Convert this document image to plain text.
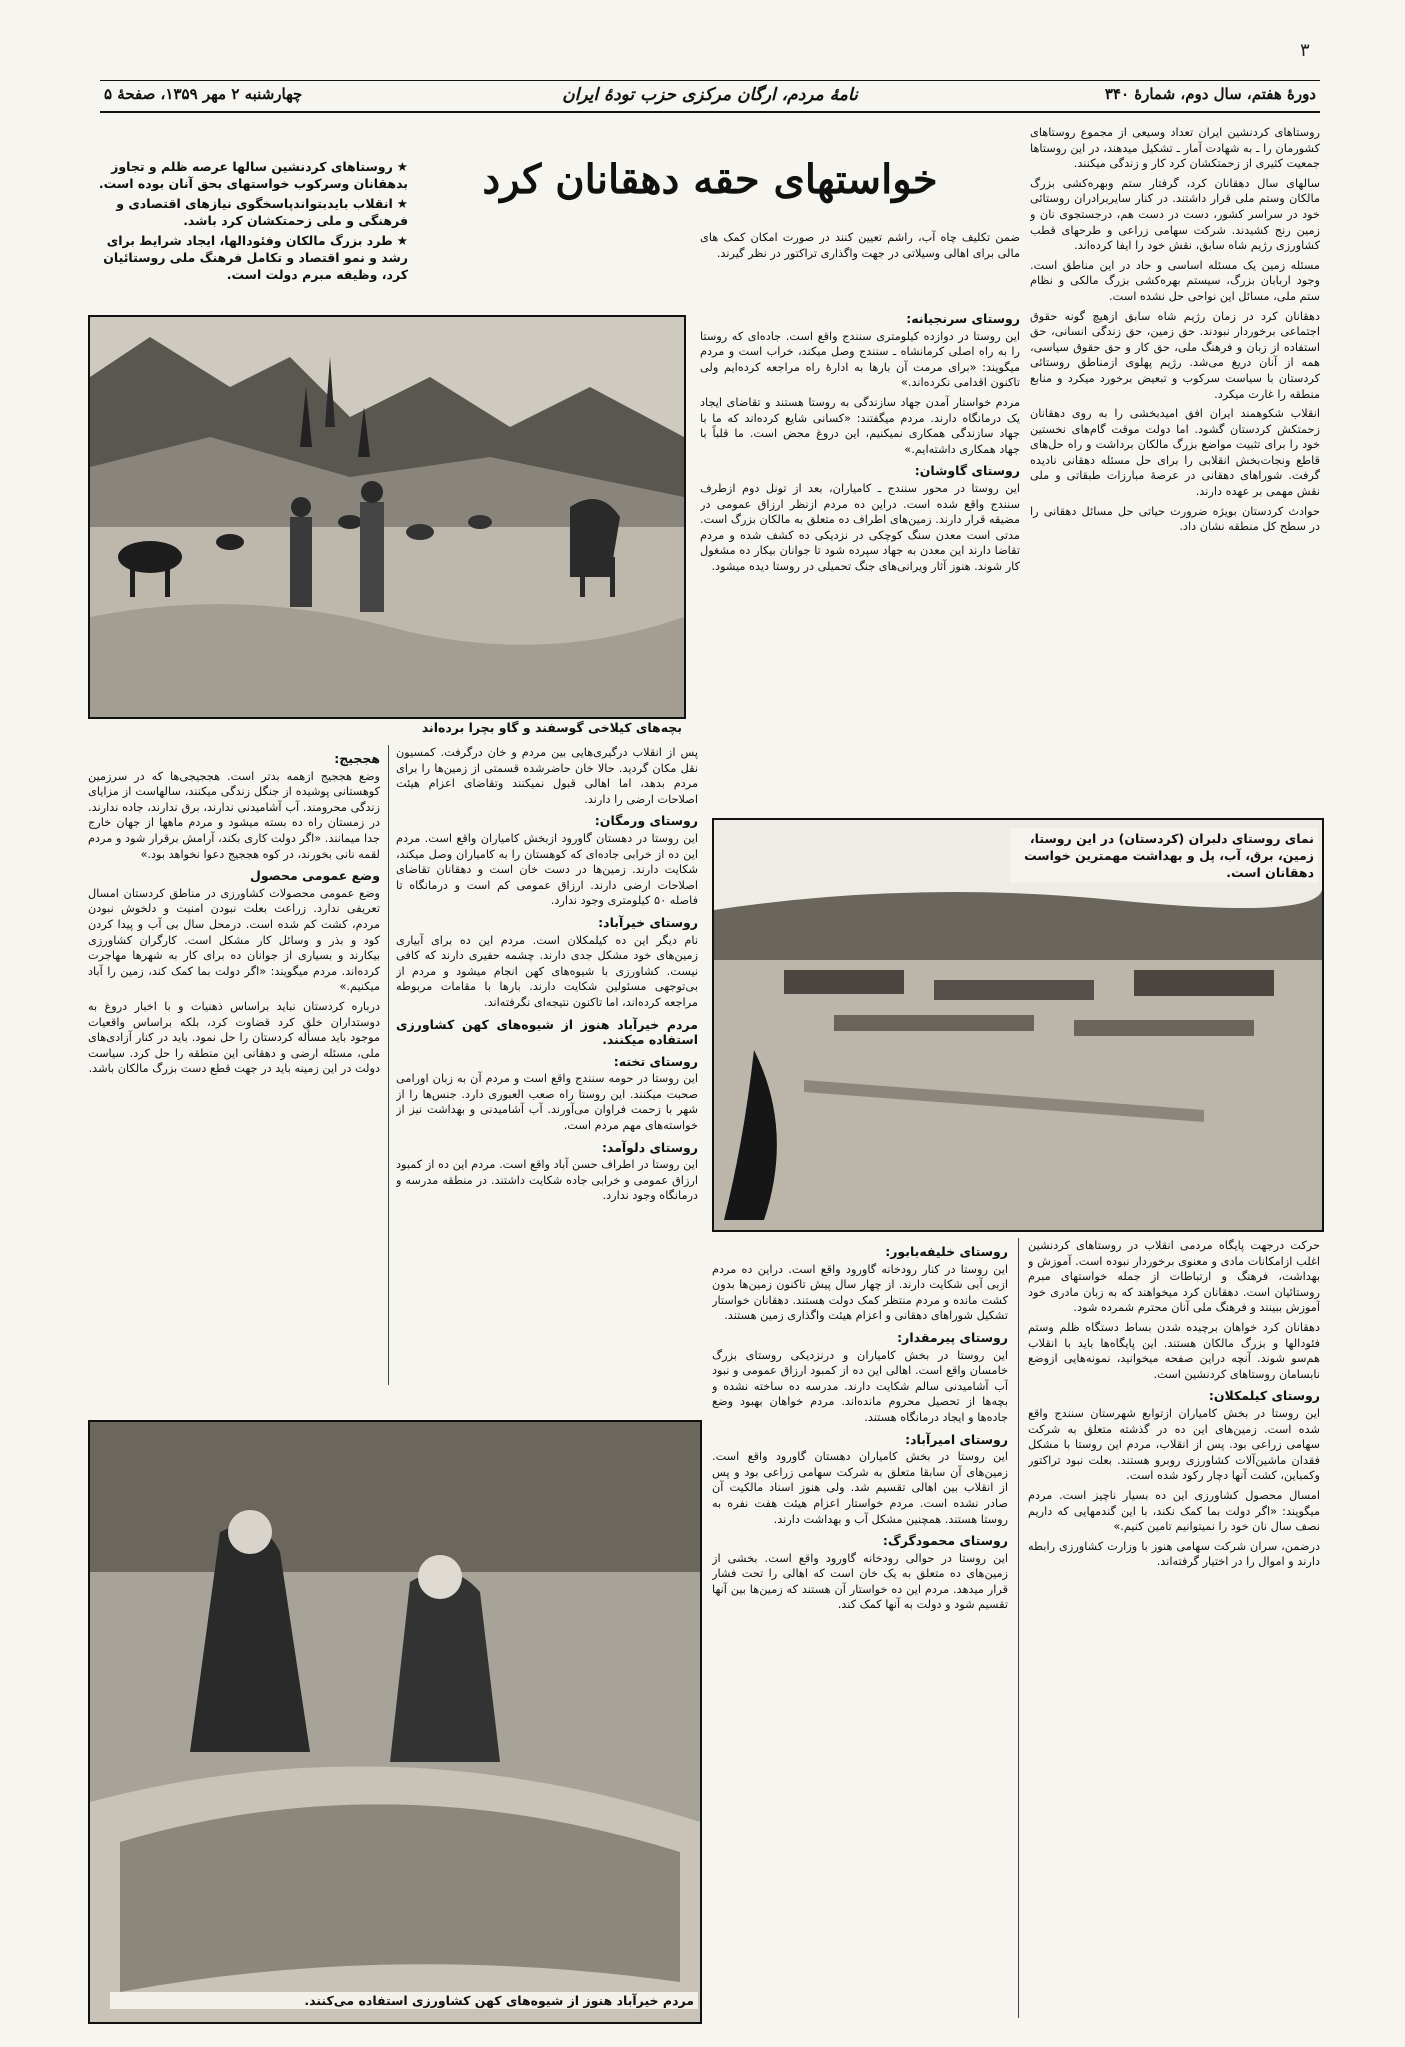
۳
دورهٔ هفتم، سال دوم، شمارهٔ ۳۴۰
نامهٔ مردم، ارگان مرکزی حزب تودهٔ ایران
چهارشنبه ۲ مهر ۱۳۵۹، صفحهٔ ۵

روستاهای کردنشین ایران تعداد وسیعی از مجموع روستاهای کشورمان را ـ به شهادت آمار ـ تشکیل میدهند، در این روستاها جمعیت کثیری از زحمتکشان کرد کار و زندگی میکنند.

سالهای سال دهقانان کرد، گرفتار ستم وبهره‌کشی بزرگ مالکان وستم ملی قرار داشتند. در کنار سایربرادران روستائی خود در سراسر کشور، دست در دست هم، درجستجوی نان و زمین رنج کشیدند. شرکت سهامی زراعی و طرحهای قطب کشاورزی رژیم شاه سابق، نقش خود را ایفا کرده‌اند.

مسئله زمین یک مسئله اساسی و حاد در این مناطق است. وجود اربابان بزرگ، سیستم بهره‌کشی بزرگ مالکی و نظام ستم ملی، مسائل این نواحی حل نشده است.

دهقانان کرد در زمان رژیم شاه سابق ازهیچ گونه حقوق اجتماعی برخوردار نبودند. حق زمین، حق زندگی انسانی، حق استفاده از زبان و فرهنگ ملی، حق کار و حق حقوق سیاسی، همه از آنان دریغ می‌شد. رژیم پهلوی ازمناطق روستائی کردستان با سیاست سرکوب و تبعیض برخورد میکرد و منابع منطقه را غارت میکرد.

انقلاب شکوهمند ایران افق امیدبخشی را به روی دهقانان زحمتکش کردستان گشود. اما دولت موقت گام‌های نخستین خود را برای تثبیت مواضع بزرگ مالکان برداشت و راه حل‌های قاطع ونجات‌بخش انقلابی را برای حل مسئله دهقانی نادیده گرفت. شوراهای دهقانی در عرصهٔ مبارزات طبقاتی و ملی نقش مهمی بر عهده دارند.

حوادث کردستان بویژه ضرورت حیاتی حل مسائل دهقانی را در سطح کل منطقه نشان داد.

خواستهای حقه دهقانان کرد
★روستاهای کردنشین سالها عرصه ظلم و تجاوز بدهقانان وسرکوب خواستهای بحق آنان بوده است.
★انقلاب بایدبتواندپاسخگوی نیازهای اقتصادی و فرهنگی و ملی زحمتکشان کرد باشد.
★طرد بزرگ مالکان وفئودالها، ایجاد شرایط برای رشد و نمو اقتصاد و تکامل فرهنگ ملی روستائیان کرد، وظیفه مبرم دولت است.

ضمن تکلیف چاه آب، راشم تعیین کنند در صورت امکان کمک های مالی برای اهالی وسیلاتی در جهت واگذاری تراکتور در نظر گیرند.

بچه‌های کیلاخی گوسفند و گاو بچرا برده‌اند
روستای سرنجیانه:

این روستا در دوازده کیلومتری سنندج واقع است. جاده‌ای که روستا را به راه اصلی کرمانشاه ـ سنندج وصل میکند، خراب است و مردم میگویند: «برای مرمت آن بارها به ادارهٔ راه مراجعه کرده‌ایم ولی تاکنون اقدامی نکرده‌اند.»

مردم خواستار آمدن جهاد سازندگی به روستا هستند و تقاضای ایجاد یک درمانگاه دارند. مردم میگفتند: «کسانی شایع کرده‌اند که ما با جهاد سازندگی همکاری نمیکنیم، این دروغ محض است. ما قلباً با جهاد همکاری داشته‌ایم.»

روستای گاوشان:

این روستا در محور سنندج ـ کامیاران، بعد از تونل دوم ازطرف سنندج واقع شده است. دراین ده مردم ازنظر ارزاق عمومی در مضیقه قرار دارند. زمین‌های اطراف ده متعلق به مالکان بزرگ است. مدتی است معدن سنگ کوچکی در نزدیکی ده کشف شده و مردم تقاضا دارند این معدن به جهاد سپرده شود تا جوانان بیکار ده مشغول کار شوند. هنوز آثار ویرانی‌های جنگ تحمیلی در روستا دیده میشود.

هججیج:

وضع هججیج ازهمه بدتر است. هججیجی‌ها که در سرزمین کوهستانی پوشیده از جنگل زندگی میکنند، سالهاست از مزایای زندگی محرومند. آب آشامیدنی ندارند، برق ندارند، جاده ندارند. در زمستان راه ده بسته میشود و مردم ماهها از جهان خارج جدا میمانند. «اگر دولت کاری بکند، آرامش برقرار شود و مردم لقمه نانی بخورند، در کوه هججیج دعوا نخواهد بود.»

وضع عمومی محصول

وضع عمومی محصولات کشاورزی در مناطق کردستان امسال تعریفی ندارد. زراعت بعلت نبودن امنیت و دلخوش نبودن مردم، کشت کم شده است. درمحل سال بی آب و پیدا کردن کود و بذر و وسائل کار مشکل است. کارگران کشاورزی بیکارند و بسیاری از جوانان ده برای کار به شهرها مهاجرت کرده‌اند. مردم میگویند: «اگر دولت بما کمک کند، زمین را آباد میکنیم.»

درباره کردستان نباید براساس ذهنیات و با اخبار دروغ به دوستداران خلق کرد قضاوت کرد، بلکه براساس واقعیات موجود باید مسأله کردستان را حل نمود. باید در کنار آزادی‌های ملی، مسئله ارضی و دهقانی این منطقه را حل کرد. سیاست دولت در این زمینه باید در جهت قطع دست بزرگ مالکان باشد.

پس از انقلاب درگیری‌هایی بین مردم و خان درگرفت. کمسیون نقل مکان گردید. حالا خان حاضرشده قسمتی از زمین‌ها را برای مردم بدهد، اما اهالی قبول نمیکنند وتقاضای اعزام هیئت اصلاحات ارضی را دارند.

روستای ورمگان:

این روستا در دهستان گاورود ازبخش کامیاران واقع است. مردم این ده از خرابی جاده‌ای که کوهستان را به کامیاران وصل میکند، شکایت دارند. زمین‌ها در دست خان است و دهقانان تقاضای اصلاحات ارضی دارند. ارزاق عمومی کم است و درمانگاه تا فاصله ۵۰ کیلومتری وجود ندارد.

روستای خیرآباد:

نام دیگر این ده کیلمکلان است. مردم این ده برای آبیاری زمین‌های خود مشکل جدی دارند. چشمه حفیری دارند که کافی نیست. کشاورزی با شیوه‌های کهن انجام میشود و مردم از بی‌توجهی مسئولین شکایت دارند. بارها با مقامات مربوطه مراجعه کرده‌اند، اما تاکنون نتیجه‌ای نگرفته‌اند.

مردم خیرآباد هنوز از شیوه‌های کهن کشاورزی استفاده میکنند.
روستای تخته:

این روستا در حومه سنندج واقع است و مردم آن به زبان اورامی صحبت میکنند. این روستا راه صعب العبوری دارد. جنس‌ها را از شهر با زحمت فراوان می‌آورند. آب آشامیدنی و بهداشت نیز از خواسته‌های مهم مردم است.

روستای دلوآمد:

این روستا در اطراف حسن آباد واقع است. مردم این ده از کمبود ارزاق عمومی و خرابی جاده شکایت داشتند. در منطقه مدرسه و درمانگاه وجود ندارد.

نمای روستای دلبران (کردستان) در این روستا، زمین، برق، آب، پل و بهداشت مهمترین خواست دهقانان است.
روستای خلیفه‌بابور:

این روستا در کنار رودخانه گاورود واقع است. دراین ده مردم ازبی آبی شکایت دارند. از چهار سال پیش تاکنون زمین‌ها بدون کشت مانده و مردم منتظر کمک دولت هستند. دهقانان خواستار تشکیل شوراهای دهقانی و اعزام هیئت واگذاری زمین هستند.

روستای پیرمقدار:

این روستا در بخش کامیاران و درنزدیکی روستای بزرگ خامسان واقع است. اهالی این ده از کمبود ارزاق عمومی و نبود آب آشامیدنی سالم شکایت دارند. مدرسه ده ساخته نشده و بچه‌ها از تحصیل محروم مانده‌اند. مردم خواهان بهبود وضع جاده‌ها و ایجاد درمانگاه هستند.

روستای امیرآباد:

این روستا در بخش کامیاران دهستان گاورود واقع است. زمین‌های آن سابقا متعلق به شرکت سهامی زراعی بود و پس از انقلاب بین اهالی تقسیم شد. ولی هنوز اسناد مالکیت آن صادر نشده است. مردم خواستار اعزام هیئت هفت نفره به روستا هستند. همچنین مشکل آب و بهداشت دارند.

روستای محمودگرگ:

این روستا در حوالی رودخانه گاورود واقع است. بخشی از زمین‌های ده متعلق به یک خان است که اهالی را تحت فشار قرار میدهد. مردم این ده خواستار آن هستند که زمین‌ها بین آنها تقسیم شود و دولت به آنها کمک کند.

حرکت درجهت پایگاه مردمی انقلاب در روستاهای کردنشین اغلب ازامکانات مادی و معنوی برخوردار نبوده است. آموزش و بهداشت، فرهنگ و ارتباطات از جمله خواستهای مبرم روستائیان است. دهقانان کرد میخواهند که به زبان مادری خود آموزش ببینند و فرهنگ ملی آنان محترم شمرده شود.

دهقانان کرد خواهان برچیده شدن بساط دستگاه ظلم وستم فئودالها و بزرگ مالکان هستند. این پایگاه‌ها باید با انقلاب هم‌سو شوند. آنچه دراین صفحه میخوانید، نمونه‌هایی ازوضع نابسامان روستاهای کردنشین است.

روستای کیلمکلان:

این روستا در بخش کامیاران ازتوابع شهرستان سنندج واقع شده است. زمین‌های این ده در گذشته متعلق به شرکت سهامی زراعی بود. پس از انقلاب، مردم این روستا با مشکل فقدان ماشین‌آلات کشاورزی روبرو هستند. بعلت نبود تراکتور وکمباین، کشت آنها دچار رکود شده است.

امسال محصول کشاورزی این ده بسیار ناچیز است. مردم میگویند: «اگر دولت بما کمک نکند، با این گندمهایی که داریم نصف سال نان خود را نمیتوانیم تامین کنیم.»

درضمن، سران شرکت سهامی هنوز با وزارت کشاورزی رابطه دارند و اموال را در اختیار گرفته‌اند.

مردم خیرآباد هنوز از شیوه‌های کهن کشاورزی استفاده می‌کنند.
